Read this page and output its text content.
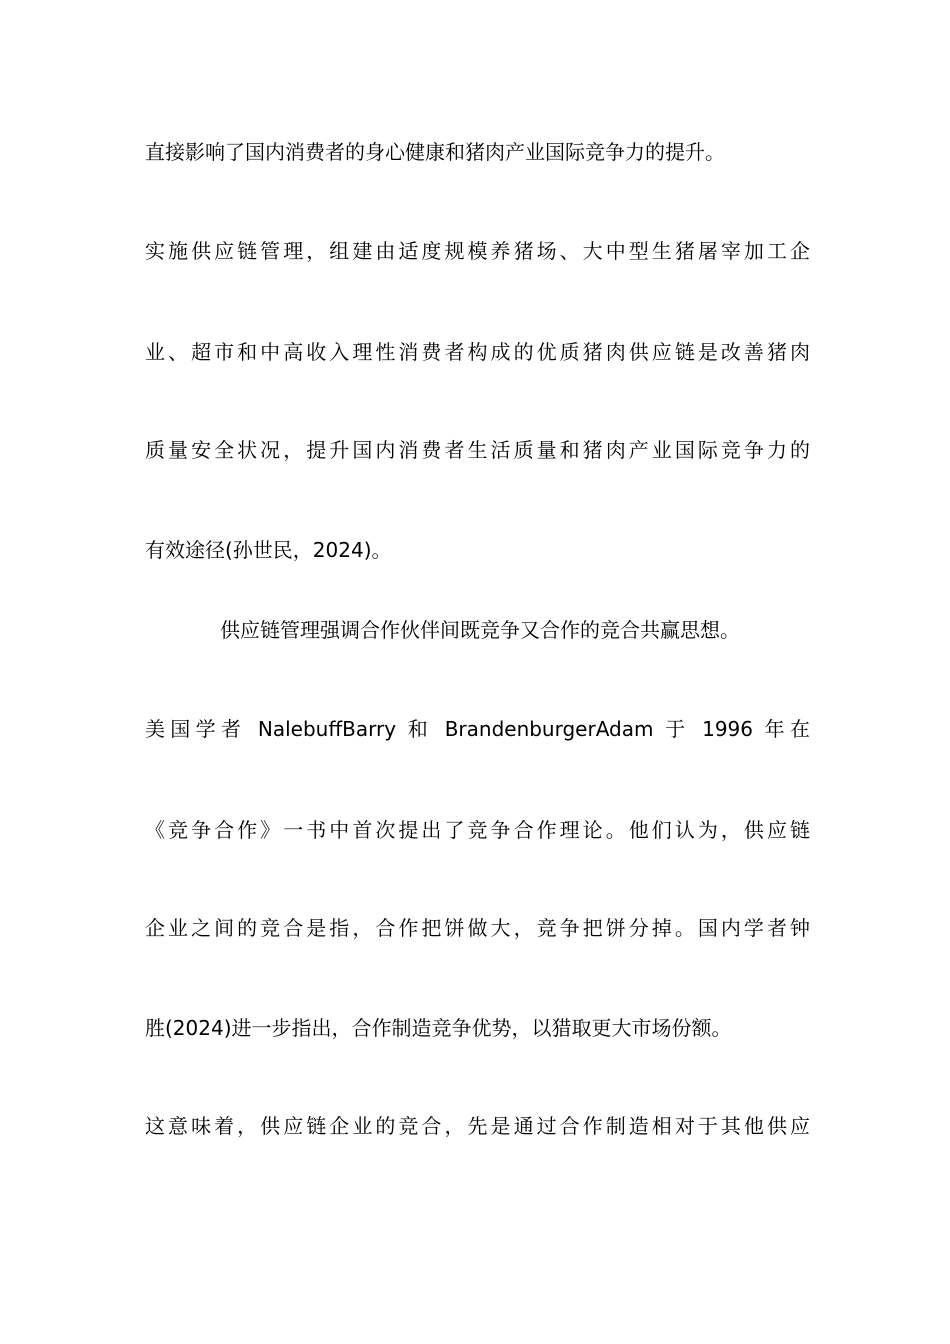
直接影响了国内消费者的身心健康和猪肉产业国际竞争力的提升。
实施供应链管理，组建由适度规模养猪场、大中型生猪屠宰加工企
业、超市和中高收入理性消费者构成的优质猪肉供应链是改善猪肉
质量安全状况，提升国内消费者生活质量和猪肉产业国际竞争力的
有效途径(孙世民，2024)。
供应链管理强调合作伙伴间既竞争又合作的竞合共赢思想。
美国学者 NalebuffBarry 和 BrandenburgerAdam 于 1996 年在
《竞争合作》一书中首次提出了竞争合作理论。他们认为，供应链
企业之间的竞合是指，合作把饼做大，竞争把饼分掉。国内学者钟
胜(2024)进一步指出，合作制造竞争优势，以猎取更大市场份额。
这意味着，供应链企业的竞合，先是通过合作制造相对于其他供应
